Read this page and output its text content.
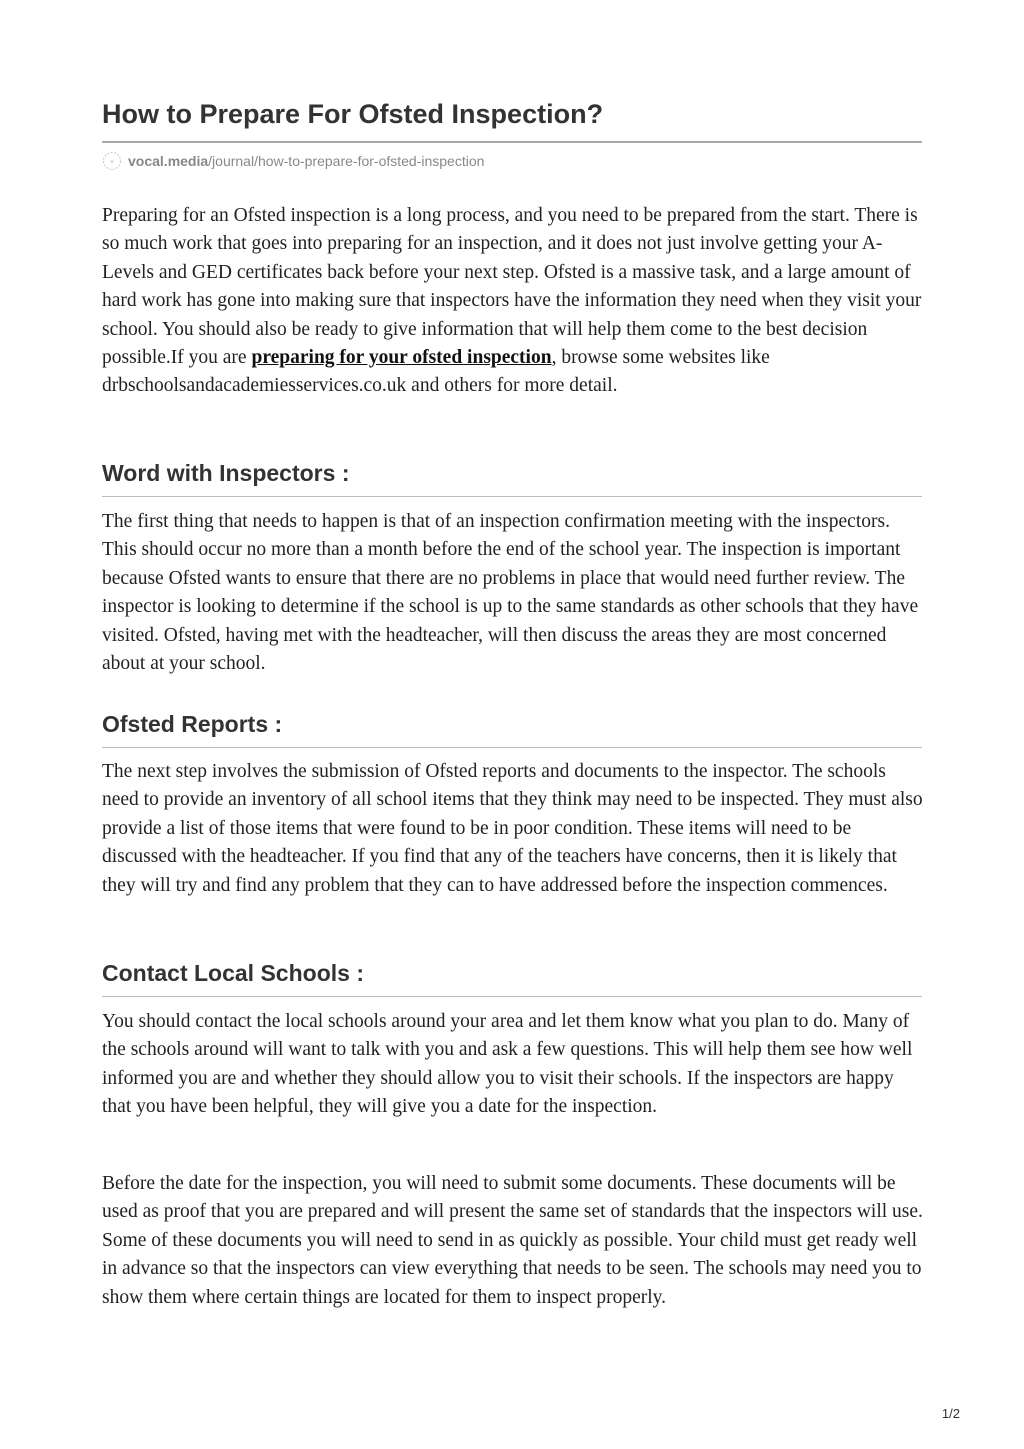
How to Prepare For Ofsted Inspection?
v vocal.media /journal/how-to-prepare-for-ofsted-inspection

Preparing for an Ofsted inspection is a long process, and you need to be prepared from the start. There is so much work that goes into preparing for an inspection, and it does not just involve getting your A-Levels and GED certificates back before your next step. Ofsted is a massive task, and a large amount of hard work has gone into making sure that inspectors have the information they need when they visit your school. You should also be ready to give information that will help them come to the best decision possible.If you are preparing for your ofsted inspection, browse some websites like drbschoolsandacademiesservices.co.uk and others for more detail.

Word with Inspectors :

The first thing that needs to happen is that of an inspection confirmation meeting with the inspectors. This should occur no more than a month before the end of the school year. The inspection is important because Ofsted wants to ensure that there are no problems in place that would need further review. The inspector is looking to determine if the school is up to the same standards as other schools that they have visited. Ofsted, having met with the headteacher, will then discuss the areas they are most concerned about at your school.

Ofsted Reports :

The next step involves the submission of Ofsted reports and documents to the inspector. The schools need to provide an inventory of all school items that they think may need to be inspected. They must also provide a list of those items that were found to be in poor condition. These items will need to be discussed with the headteacher. If you find that any of the teachers have concerns, then it is likely that they will try and find any problem that they can to have addressed before the inspection commences.

Contact Local Schools :

You should contact the local schools around your area and let them know what you plan to do. Many of the schools around will want to talk with you and ask a few questions. This will help them see how well informed you are and whether they should allow you to visit their schools. If the inspectors are happy that you have been helpful, they will give you a date for the inspection.

Before the date for the inspection, you will need to submit some documents. These documents will be used as proof that you are prepared and will present the same set of standards that the inspectors will use. Some of these documents you will need to send in as quickly as possible. Your child must get ready well in advance so that the inspectors can view everything that needs to be seen. The schools may need you to show them where certain things are located for them to inspect properly.

1/2
